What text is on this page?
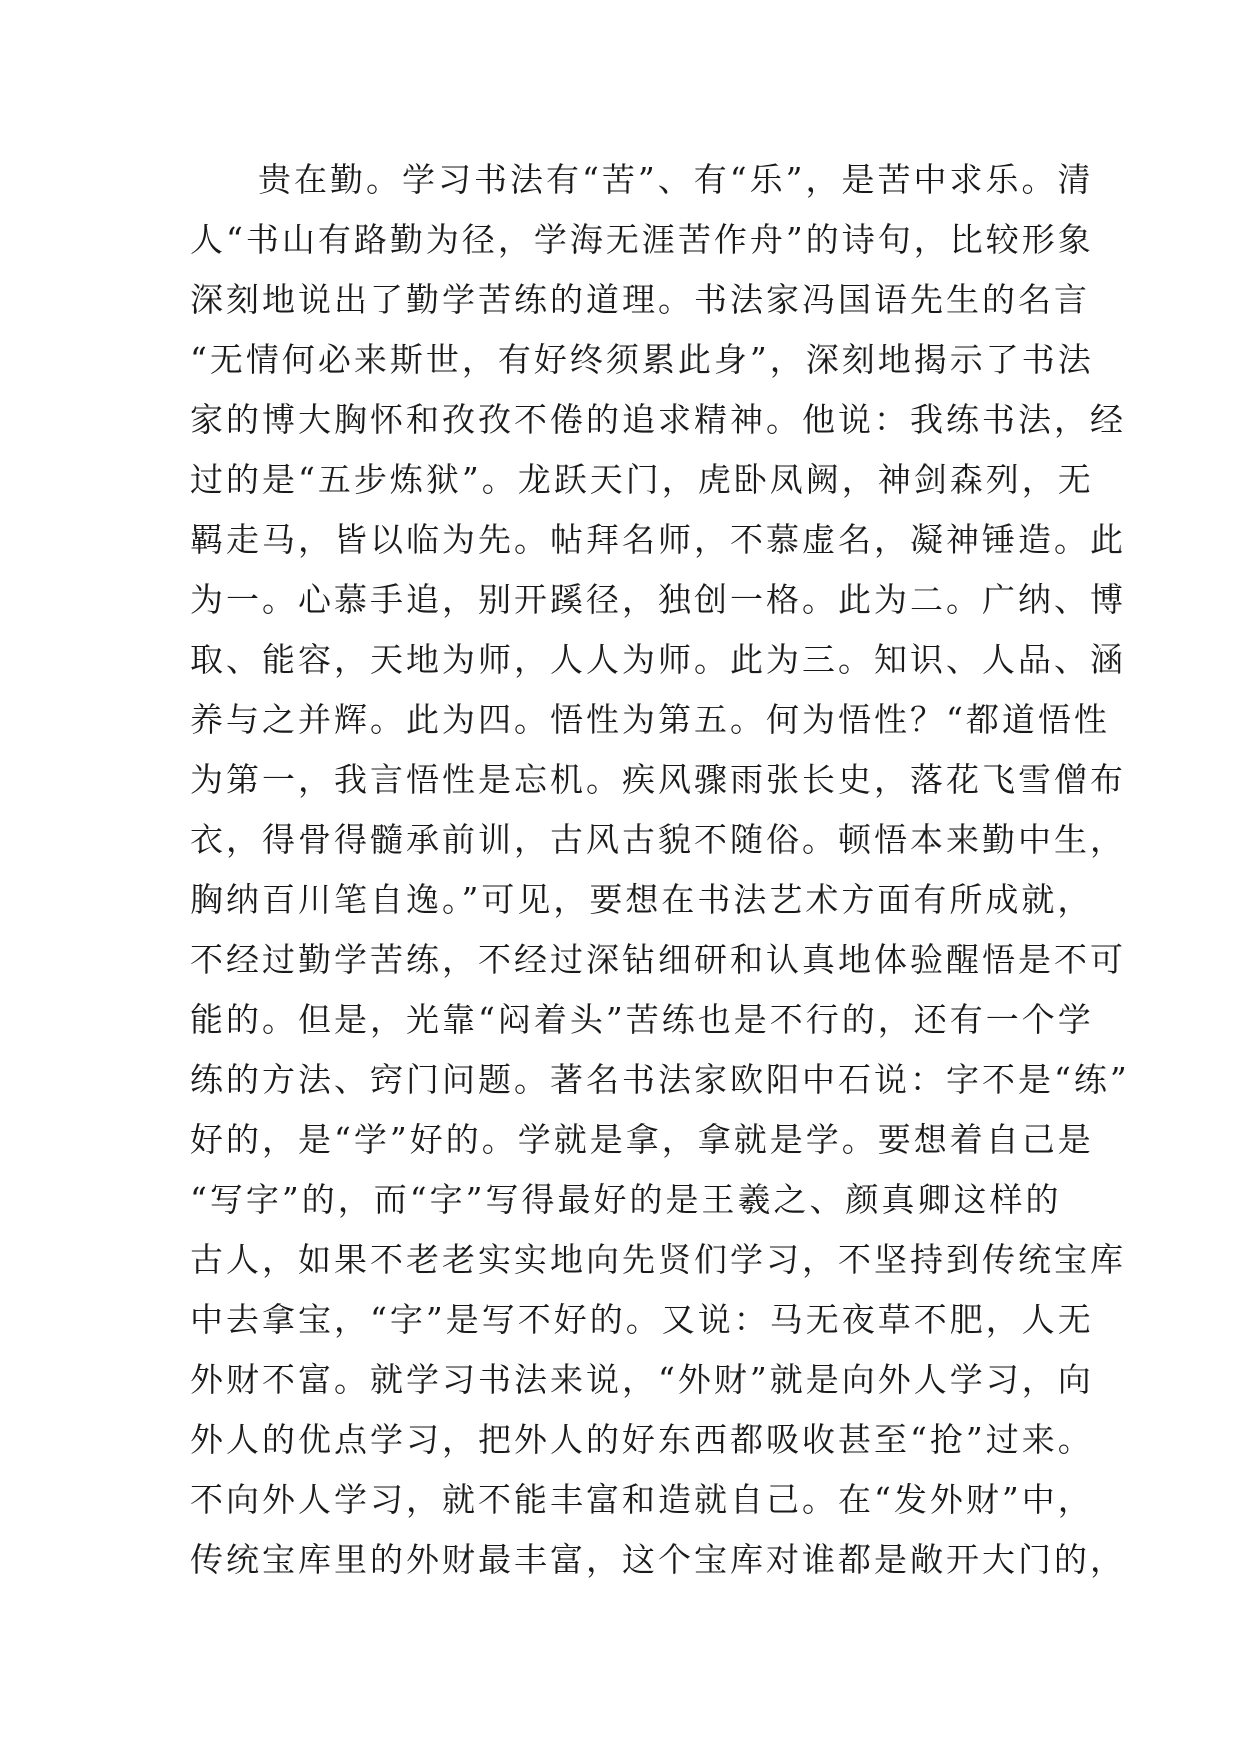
贵在勤。学习书法有“苦”、有“乐”，是苦中求乐。清
人“书山有路勤为径，学海无涯苦作舟”的诗句，比较形象
深刻地说出了勤学苦练的道理。书法家冯国语先生的名言
“无情何必来斯世，有好终须累此身”，深刻地揭示了书法
家的博大胸怀和孜孜不倦的追求精神。他说：我练书法，经
过的是“五步炼狱”。龙跃天门，虎卧凤阙，神剑森列，无
羁走马，皆以临为先。帖拜名师，不慕虚名，凝神锤造。此
为一。心慕手追，别开蹊径，独创一格。此为二。广纳、博
取、能容，天地为师，人人为师。此为三。知识、人品、涵
养与之并辉。此为四。悟性为第五。何为悟性？“都道悟性
为第一，我言悟性是忘机。疾风骤雨张长史，落花飞雪僧布
衣，得骨得髓承前训，古风古貌不随俗。顿悟本来勤中生，
胸纳百川笔自逸。”可见，要想在书法艺术方面有所成就，
不经过勤学苦练，不经过深钻细研和认真地体验醒悟是不可
能的。但是，光靠“闷着头”苦练也是不行的，还有一个学
练的方法、窍门问题。著名书法家欧阳中石说：字不是“练”
好的，是“学”好的。学就是拿，拿就是学。要想着自己是
“写字”的，而“字”写得最好的是王羲之、颜真卿这样的
古人，如果不老老实实地向先贤们学习，不坚持到传统宝库
中去拿宝，“字”是写不好的。又说：马无夜草不肥，人无
外财不富。就学习书法来说，“外财”就是向外人学习，向
外人的优点学习，把外人的好东西都吸收甚至“抢”过来。
不向外人学习，就不能丰富和造就自己。在“发外财”中，
传统宝库里的外财最丰富，这个宝库对谁都是敞开大门的，
